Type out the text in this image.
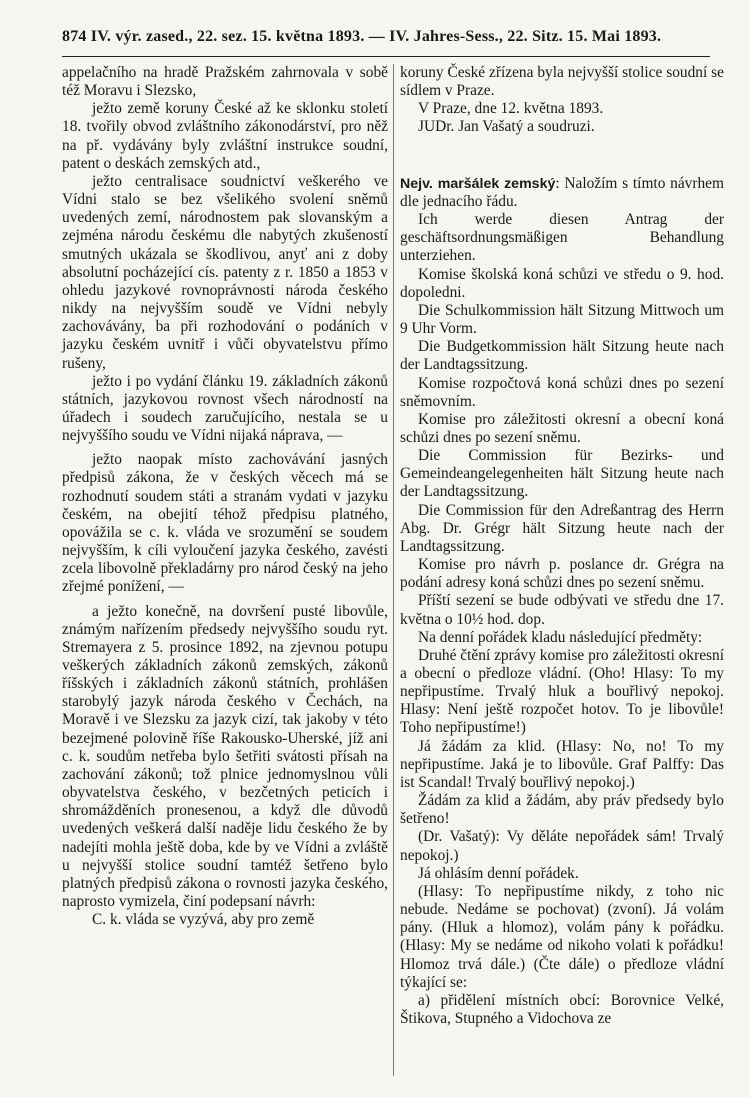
874 IV. výr. zased., 22. sez. 15. května 1893. — IV. Jahres-Sess., 22. Sitz. 15. Mai 1893.

appelačního na hradě Pražském zahrnovala v sobě též Moravu i Slezsko,

ježto země koruny České až ke sklonku století 18. tvořily obvod zvláštního zákonodárství, pro něž na př. vydávány byly zvláštní instrukce soudní, patent o deskách zemských atd.,

ježto centralisace soudnictví veškerého ve Vídni stalo se bez všelikého svolení sněmů uvedených zemí, národnostem pak slovanským a zejména národu českému dle nabytých zkušeností smutných ukázala se škodlivou, anyť ani z doby absolutní pocházející cís. patenty z r. 1850 a 1853 v ohledu jazykové rovnoprávnosti národa českého nikdy na nejvyšším soudě ve Vídni nebyly zachovávány, ba při rozhodování o podáních v jazyku českém uvnitř i vůči obyvatelstvu přímo rušeny,

ježto i po vydání článku 19. základních zákonů státních, jazykovou rovnost všech národností na úřadech i soudech zaručujícího, nestala se u nejvyššího soudu ve Vídni nijaká náprava, —

ježto naopak místo zachovávání jasných předpisů zákona, že v českých věcech má se rozhodnutí soudem státi a stranám vydati v jazyku českém, na obejití téhož předpisu platného, opovážila se c. k. vláda ve srozumění se soudem nejvyšším, k cíli vyloučení jazyka českého, zavésti zcela libovolně překladárny pro národ český na jeho zřejmé ponížení, —

a ježto konečně, na dovršení pusté libovůle, známým nařízením předsedy nejvyššího soudu ryt. Stremayera z 5. prosince 1892, na zjevnou potupu veškerých základních zákonů zemských, zákonů říšských i základních zákonů státních, prohlášen starobylý jazyk národa českého v Čechách, na Moravě i ve Slezsku za jazyk cizí, tak jakoby v této bezejmené polovině říše Rakousko-Uherské, jíž ani c. k. soudům netřeba bylo šetřiti svátosti přísah na zachování zákonů; tož plnice jednomyslnou vůli obyvatelstva českého, v bezčetných peticích i shromážděních pronesenou, a když dle důvodů uvedených veškerá další naděje lidu českého že by nadejíti mohla ještě doba, kde by ve Vídni a zvláště u nejvyšší stolice soudní tamtéž šetřeno bylo platných předpisů zákona o rovnosti jazyka českého, naprosto vymizela, činí podepsaní návrh:

C. k. vláda se vyzývá, aby pro země

koruny České zřízena byla nejvyšší stolice soudní se sídlem v Praze.

V Praze, dne 12. května 1893.

JUDr. Jan Vašatý a soudruzi.

Nejv. maršálek zemský: Naložím s tímto návrhem dle jednacího řádu.

Ich werde diesen Antrag der geschäftsordnungsmäßigen Behandlung unterziehen.

Komise školská koná schůzi ve středu o 9. hod. dopoledni.

Die Schulkommission hält Sitzung Mittwoch um 9 Uhr Vorm.

Die Budgetkommission hält Sitzung heute nach der Landtagssitzung.

Komise rozpočtová koná schůzi dnes po sezení sněmovním.

Komise pro záležitosti okresní a obecní koná schůzi dnes po sezení sněmu.

Die Commission für Bezirks- und Gemeindeangelegenheiten hält Sitzung heute nach der Landtagssitzung.

Die Commission für den Adreßantrag des Herrn Abg. Dr. Grégr hält Sitzung heute nach der Landtagssitzung.

Komise pro návrh p. poslance dr. Grégra na podání adresy koná schůzi dnes po sezení sněmu.

Příští sezení se bude odbývati ve středu dne 17. května o 10½ hod. dop.

Na denní pořádek kladu následující předměty:

Druhé čtění zprávy komise pro záležitosti okresní a obecní o předloze vládní. (Oho! Hlasy: To my nepřipustíme. Trvalý hluk a bouřlivý nepokoj. Hlasy: Není ještě rozpočet hotov. To je libovůle! Toho nepřipustíme!)

Já žádám za klid. (Hlasy: No, no! To my nepřipustíme. Jaká je to libovůle. Graf Palffy: Das ist Scandal! Trvalý bouřlivý nepokoj.)

Žádám za klid a žádám, aby práv předsedy bylo šetřeno!

(Dr. Vašatý): Vy děláte nepořádek sám! Trvalý nepokoj.)

Já ohlásím denní pořádek.

(Hlasy: To nepřipustíme nikdy, z toho nic nebude. Nedáme se pochovat) (zvoní). Já volám pány. (Hluk a hlomoz), volám pány k pořádku. (Hlasy: My se nedáme od nikoho volati k pořádku! Hlomoz trvá dále.) (Čte dále) o předloze vládní týkající se:

a) přidělení místních obcí: Borovnice Velké, Štikova, Stupného a Vidochova ze
